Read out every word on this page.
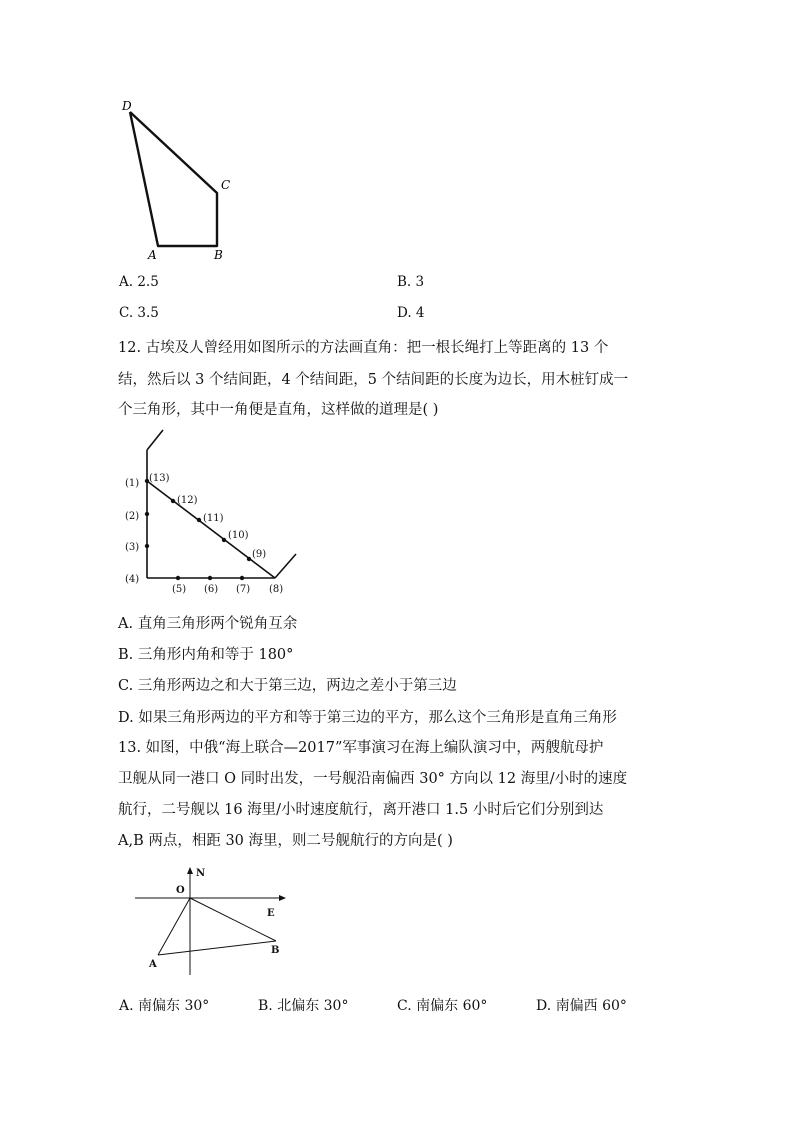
D
C
A	B
A. 2.5	B. 3
C. 3.5	D. 4
12. 古埃及人曾经用如图所示的方法画直角：把一根长绳打上等距离的 13 个
结，然后以 3 个结间距，4 个结间距，5 个结间距的长度为边长，用木桩钉成一
个三角形，其中一角便是直角，这样做的道理是( )
(1)
(2)
(3)
(4)
(5) (6) (7) (8)
(9)
(10)
(11)
(12)
(13)
A. 直角三角形两个锐角互余
B. 三角形内角和等于 180°
C. 三角形两边之和大于第三边，两边之差小于第三边
D. 如果三角形两边的平方和等于第三边的平方，那么这个三角形是直角三角形
13. 如图，中俄“海上联合—2017”军事演习在海上编队演习中，两艘航母护
卫舰从同一港口 O 同时出发，一号舰沿南偏西 30° 方向以 12 海里/小时的速度
航行，二号舰以 16 海里/小时速度航行，离开港口 1.5 小时后它们分别到达
A,B 两点，相距 30 海里，则二号舰航行的方向是( )
N
O
E
A
B
A. 南偏东 30°	B. 北偏东 30°	C. 南偏东 60°	D. 南偏西 60°
